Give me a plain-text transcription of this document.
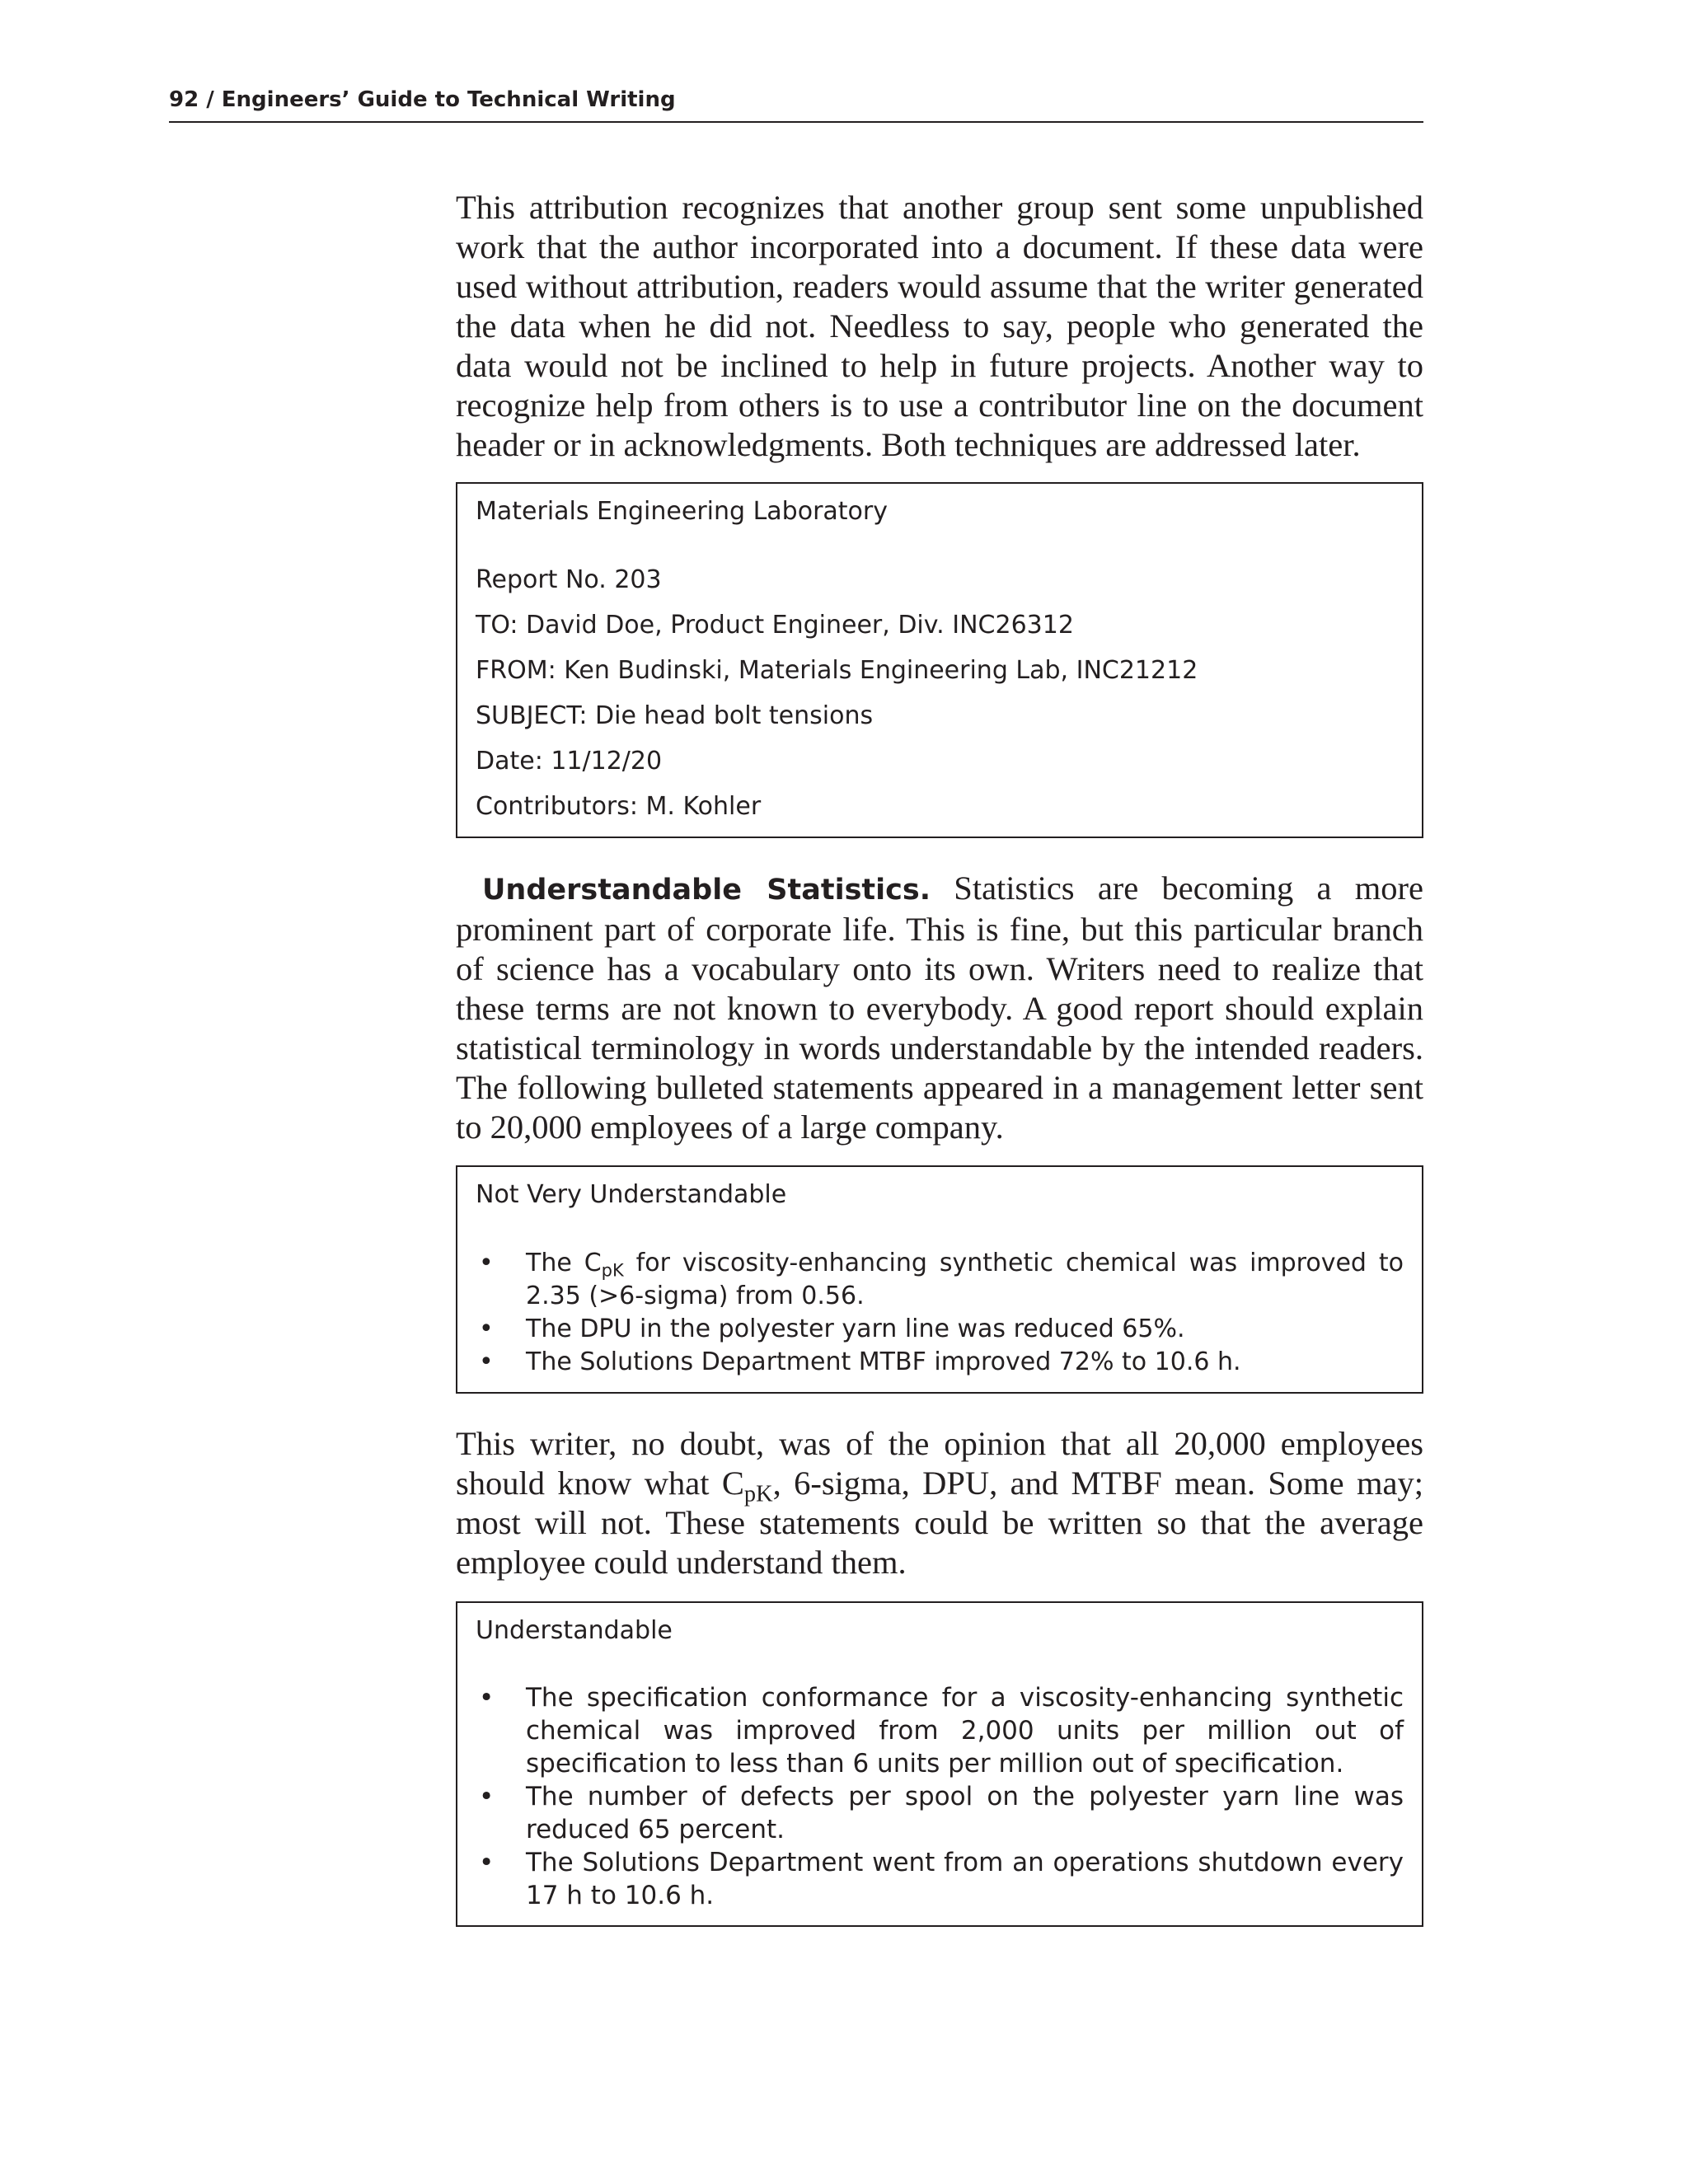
92 / Engineers’ Guide to Technical Writing

This attribution recognizes that another group sent some unpublished work that the author incorporated into a document. If these data were used without attribution, readers would assume that the writer generated the data when he did not. Needless to say, people who generated the data would not be inclined to help in future projects. Another way to recognize help from others is to use a contributor line on the document header or in acknowledgments. Both techniques are addressed later.

Materials Engineering Laboratory
Report No. 203
TO: David Doe, Product Engineer, Div. INC26312
FROM: Ken Budinski, Materials Engineering Lab, INC21212
SUBJECT: Die head bolt tensions
Date: 11/12/20
Contributors: M. Kohler

Understandable Statistics. Statistics are becoming a more prominent part of corporate life. This is fine, but this particular branch of science has a vocabulary onto its own. Writers need to realize that these terms are not known to everybody. A good report should explain statistical terminology in words understandable by the intended readers. The following bulleted statements appeared in a management letter sent to 20,000 employees of a large company.

Not Very Understandable
• The $C_{pK}$ for viscosity-enhancing synthetic chemical was improved to 2.35 (>6-sigma) from 0.56.
• The DPU in the polyester yarn line was reduced 65%.
• The Solutions Department MTBF improved 72% to 10.6 h.

This writer, no doubt, was of the opinion that all 20,000 employees should know what $C_{pK}$, 6-sigma, DPU, and MTBF mean. Some may; most will not. These statements could be written so that the average employee could understand them.

Understandable
• The specification conformance for a viscosity-enhancing synthetic chemical was improved from 2,000 units per million out of specification to less than 6 units per million out of specification.
• The number of defects per spool on the polyester yarn line was reduced 65 percent.
• The Solutions Department went from an operations shutdown every 17 h to 10.6 h.
